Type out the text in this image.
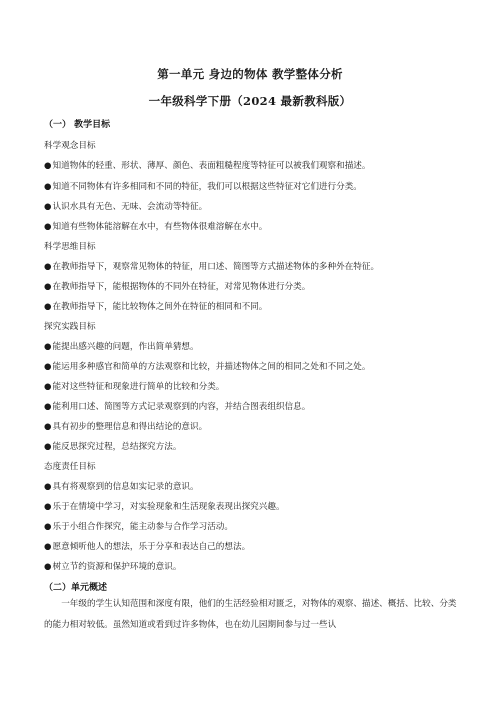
第一单元 身边的物体 教学整体分析
一年级科学下册（2024 最新教科版）
（一） 教学目标
科学观念目标
●知道物体的轻重、形状、薄厚、颜色、表面粗糙程度等特征可以被我们观察和描述。
●知道不同物体有许多相同和不同的特征，我们可以根据这些特征对它们进行分类。
●认识水具有无色、无味、会流动等特征。
●知道有些物体能溶解在水中，有些物体很难溶解在水中。
科学思维目标
●在教师指导下，观察常见物体的特征，用口述、简图等方式描述物体的多种外在特征。
●在教师指导下，能根据物体的不同外在特征，对常见物体进行分类。
●在教师指导下，能比较物体之间外在特征的相同和不同。
探究实践目标
●能提出感兴趣的问题，作出简单猜想。
●能运用多种感官和简单的方法观察和比较，并描述物体之间的相同之处和不同之处。
●能对这些特征和现象进行简单的比较和分类。
●能利用口述、简图等方式记录观察到的内容，并结合图表组织信息。
●具有初步的整理信息和得出结论的意识。
●能反思探究过程，总结探究方法。
态度责任目标
●具有将观察到的信息如实记录的意识。
●乐于在情境中学习，对实验现象和生活现象表现出探究兴趣。
●乐于小组合作探究，能主动参与合作学习活动。
●愿意倾听他人的想法，乐于分享和表达自己的想法。
●树立节约资源和保护环境的意识。
（二）单元概述
一年级的学生认知范围和深度有限，他们的生活经验相对匮乏，对物体的观察、描述、概括、比较、分类的能力相对较低。虽然知道或看到过许多物体，也在幼儿园期间参与过一些认
